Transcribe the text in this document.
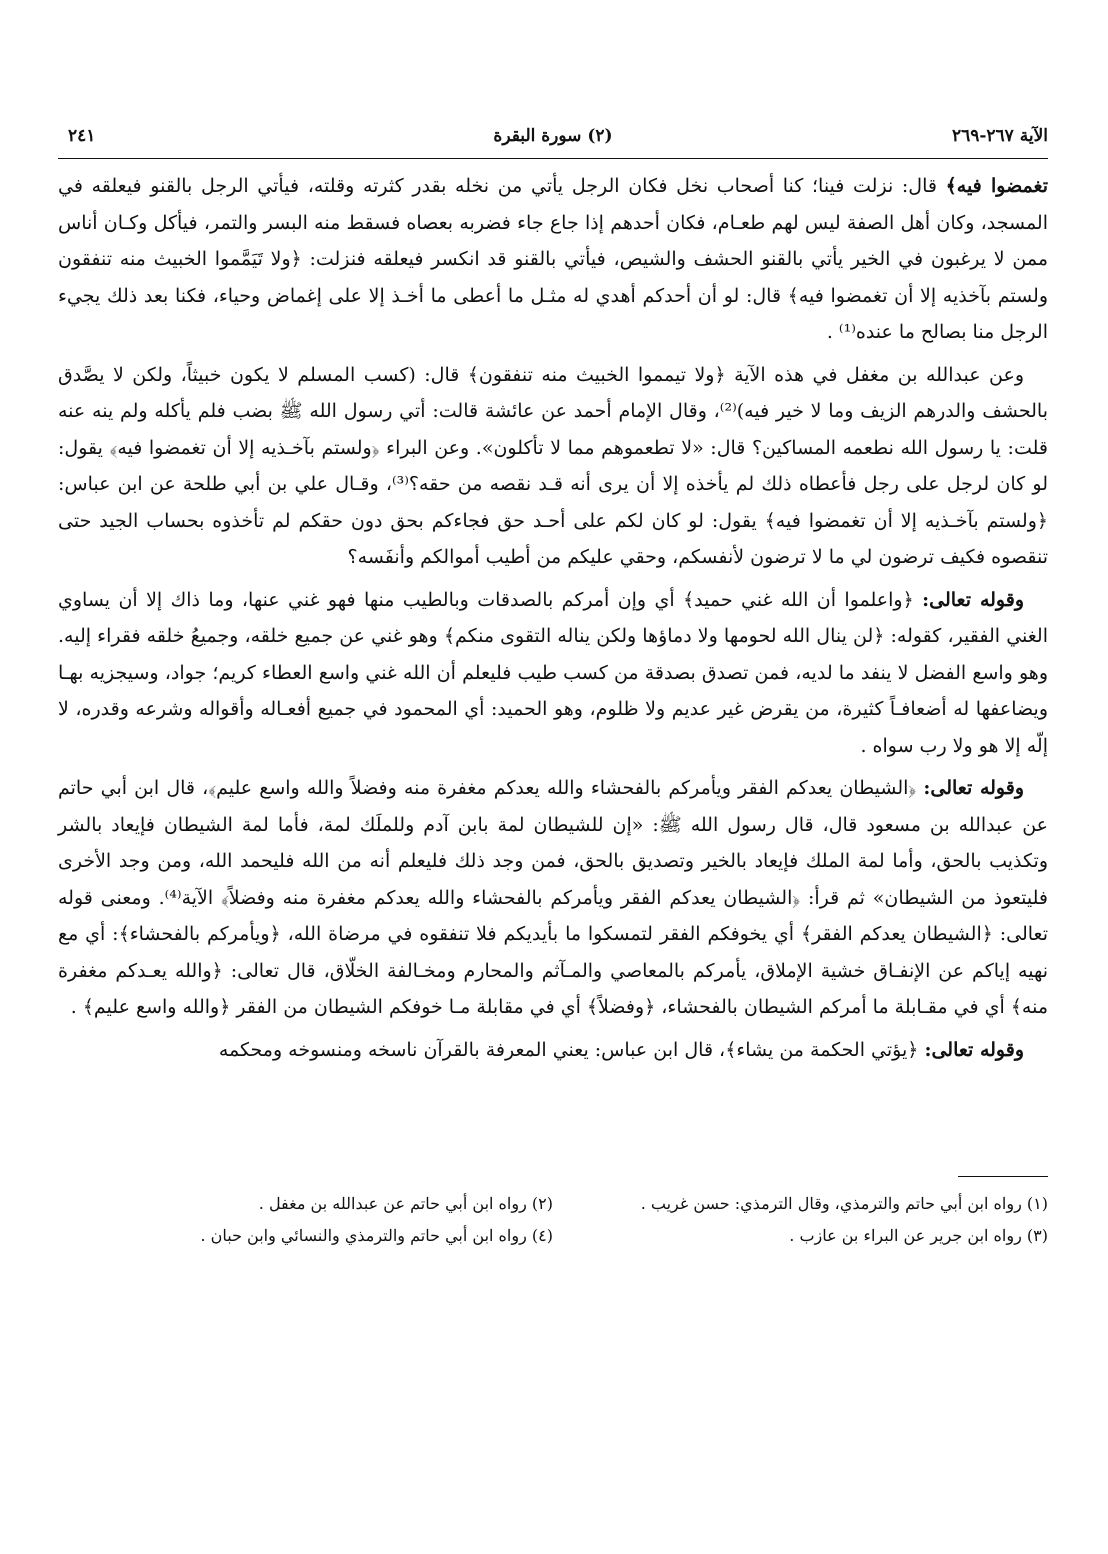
الآية ٢٦٧-٢٦٩
(٢) سورة البقرة
٢٤١

تغمضوا فيه﴾ قال: نزلت فينا؛ كنا أصحاب نخل فكان الرجل يأتي من نخله بقدر كثرته وقلته، فيأتي الرجل بالقنو فيعلقه في المسجد، وكان أهل الصفة ليس لهم طعـام، فكان أحدهم إذا جاع جاء فضربه بعصاه فسقط منه البسر والتمر، فيأكل وكـان أناس ممن لا يرغبون في الخير يأتي بالقنو الحشف والشيص، فيأتي بالقنو قد انكسر فيعلقه فنزلت: ﴿ولا تَيَمَّموا الخبيث منه تنفقون ولستم بآخذيه إلا أن تغمضوا فيه﴾ قال: لو أن أحدكم أهدي له مثـل ما أعطى ما أخـذ إلا على إغماض وحياء، فكنا بعد ذلك يجيء الرجل منا بصالح ما عنده⁽¹⁾ .

وعن عبدالله بن مغفل في هذه الآية ﴿ولا تيمموا الخبيث منه تنفقون﴾ قال: (كسب المسلم لا يكون خبيثاً، ولكن لا يصَّدق بالحشف والدرهم الزيف وما لا خير فيه)⁽²⁾، وقال الإمام أحمد عن عائشة قالت: أتي رسول الله ﷺ بضب فلم يأكله ولم ينه عنه قلت: يا رسول الله نطعمه المساكين؟ قال: «لا تطعموهم مما لا تأكلون». وعن البراء ﴿ولستم بآخـذيه إلا أن تغمضوا فيه﴾ يقول: لو كان لرجل على رجل فأعطاه ذلك لم يأخذه إلا أن يرى أنه قـد نقصه من حقه؟⁽³⁾، وقـال علي بن أبي طلحة عن ابن عباس: ﴿ولستم بآخـذيه إلا أن تغمضوا فيه﴾ يقول: لو كان لكم على أحـد حق فجاءكم بحق دون حقكم لم تأخذوه بحساب الجيد حتى تنقصوه فكيف ترضون لي ما لا ترضون لأنفسكم، وحقي عليكم من أطيب أموالكم وأنفَسه؟

وقوله تعالى: ﴿واعلموا أن الله غني حميد﴾ أي وإن أمركم بالصدقات وبالطيب منها فهو غني عنها، وما ذاك إلا أن يساوي الغني الفقير، كقوله: ﴿لن ينال الله لحومها ولا دماؤها ولكن يناله التقوى منكم﴾ وهو غني عن جميع خلقه، وجميعُ خلقه فقراء إليه. وهو واسع الفضل لا ينفد ما لديه، فمن تصدق بصدقة من كسب طيب فليعلم أن الله غني واسع العطاء كريم؛ جواد، وسيجزيه بهـا ويضاعفها له أضعافـاً كثيرة، من يقرض غير عديم ولا ظلوم، وهو الحميد: أي المحمود في جميع أفعـاله وأقواله وشرعه وقدره، لا إلّه إلا هو ولا رب سواه .

وقوله تعالى: ﴿الشيطان يعدكم الفقر ويأمركم بالفحشاء والله يعدكم مغفرة منه وفضلاً والله واسع عليم﴾، قال ابن أبي حاتم عن عبدالله بن مسعود قال، قال رسول الله ﷺ: «إن للشيطان لمة بابن آدم وللملَك لمة، فأما لمة الشيطان فإيعاد بالشر وتكذيب بالحق، وأما لمة الملك فإيعاد بالخير وتصديق بالحق، فمن وجد ذلك فليعلم أنه من الله فليحمد الله، ومن وجد الأخرى فليتعوذ من الشيطان» ثم قرأ: ﴿الشيطان يعدكم الفقر ويأمركم بالفحشاء والله يعدكم مغفرة منه وفضلاً﴾ الآية⁽⁴⁾. ومعنى قوله تعالى: ﴿الشيطان يعدكم الفقر﴾ أي يخوفكم الفقر لتمسكوا ما بأيديكم فلا تنفقوه في مرضاة الله، ﴿ويأمركم بالفحشاء﴾: أي مع نهيه إياكم عن الإنفـاق خشية الإملاق، يأمركم بالمعاصي والمـآثم والمحارم ومخـالفة الخلّاق، قال تعالى: ﴿والله يعـدكم مغفرة منه﴾ أي في مقـابلة ما أمركم الشيطان بالفحشاء، ﴿وفضلاً﴾ أي في مقابلة مـا خوفكم الشيطان من الفقر ﴿والله واسع عليم﴾ .

وقوله تعالى: ﴿يؤتي الحكمة من يشاء﴾، قال ابن عباس: يعني المعرفة بالقرآن ناسخه ومنسوخه ومحكمه

(١) رواه ابن أبي حاتم والترمذي، وقال الترمذي: حسن غريب .
(٢) رواه ابن أبي حاتم عن عبدالله بن مغفل .
(٣) رواه ابن جرير عن البراء بن عازب .
(٤) رواه ابن أبي حاتم والترمذي والنسائي وابن حبان .
